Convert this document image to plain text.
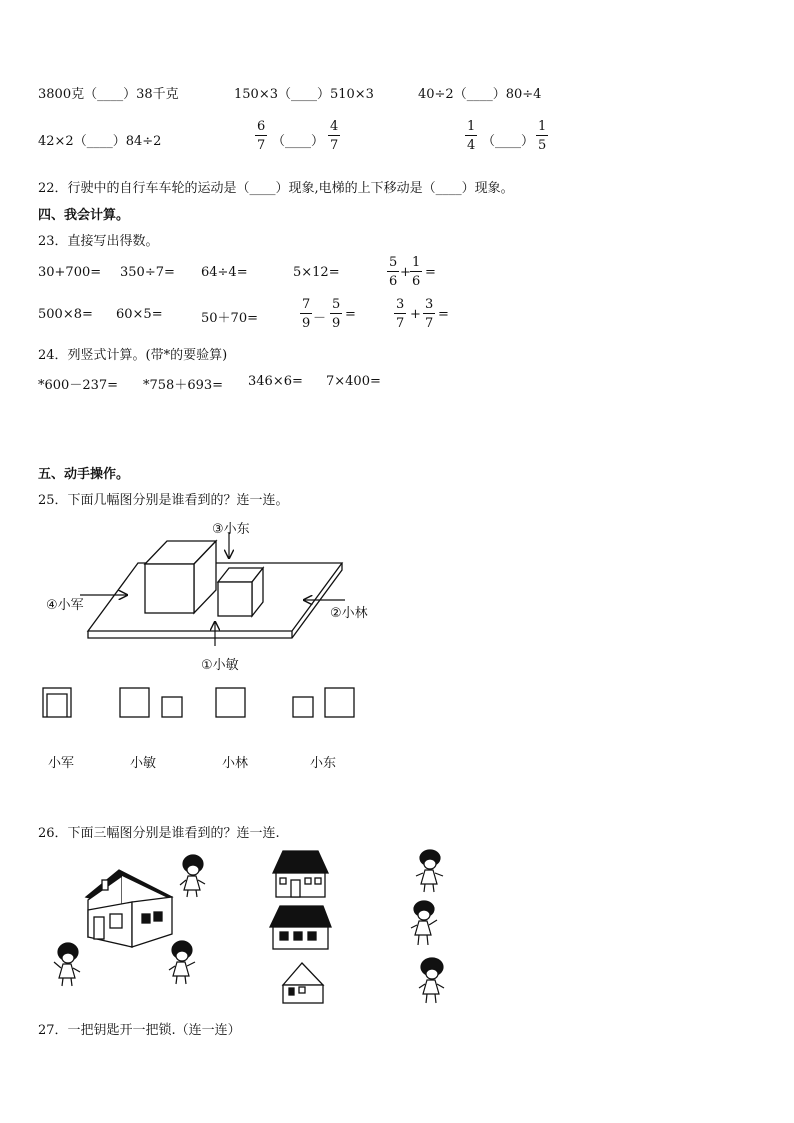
3800克（____）38千克	150×3（____）510×3	40÷2（____）80÷4
42×2（____）84÷2	$\frac{6}{7}$ （____） $\frac{4}{7}$	$\frac{1}{4}$ （____） $\frac{1}{5}$
22．行驶中的自行车车轮的运动是（____）现象,电梯的上下移动是（____）现象。
四、我会计算。
23．直接写出得数。
30+700= 350÷7= 64÷4=	5×12=	$\frac{5}{6} + \frac{1}{6}$ =
500×8= 60×5=	50＋70=	$\frac{7}{9} - \frac{5}{9}$ =	$\frac{3}{7} + \frac{3}{7}$ =
24．列竖式计算。(带*的要验算)
*600－237= *758＋693= 346×6= 7×400=
五、动手操作。
25．下面几幅图分别是谁看到的？连一连。
③小东
④小军
②小林
①小敏
小军	小敏	小林	小东
26．下面三幅图分别是谁看到的？连一连.
27．一把钥匙开一把锁.（连一连）
